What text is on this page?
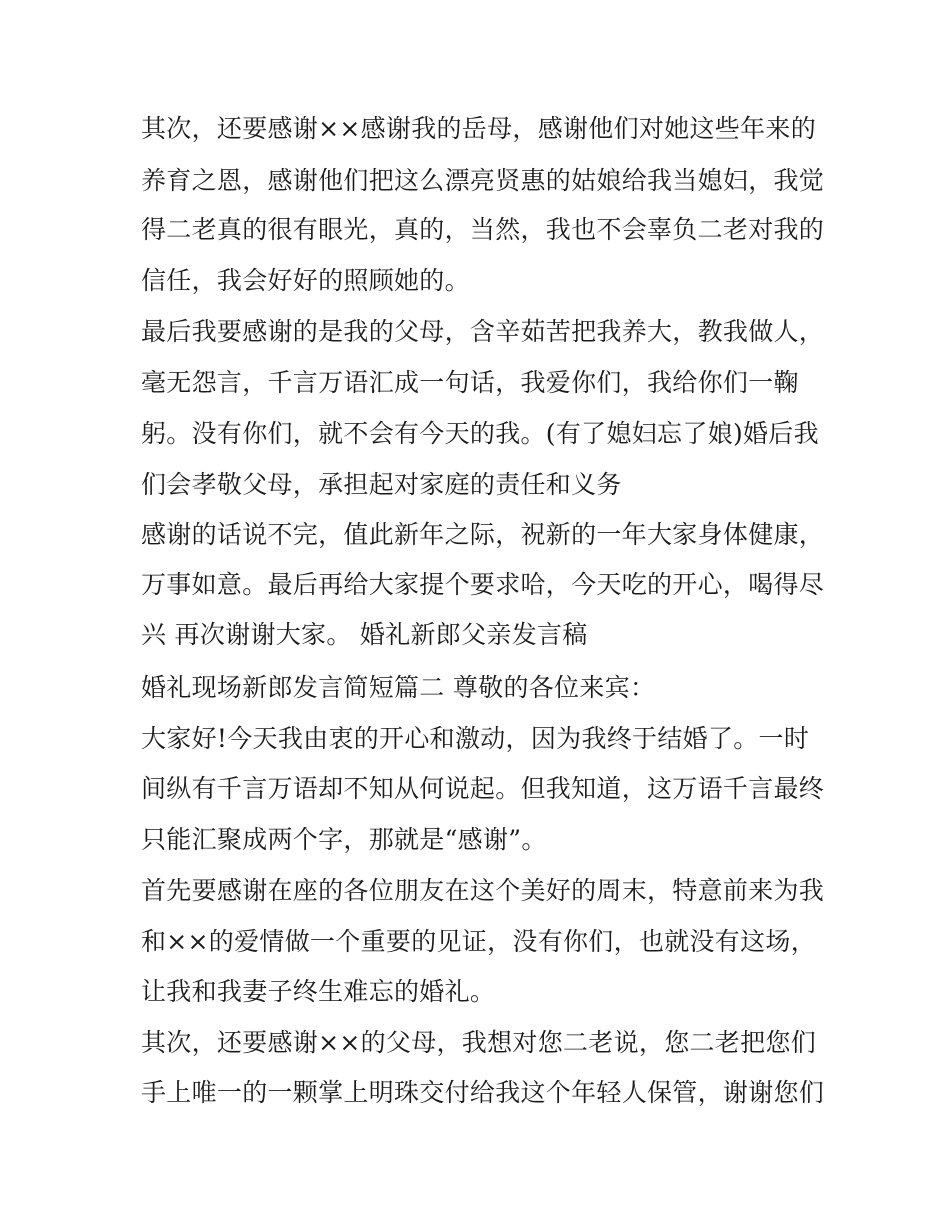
其次，还要感谢××感谢我的岳母，感谢他们对她这些年来的
养育之恩，感谢他们把这么漂亮贤惠的姑娘给我当媳妇，我觉
得二老真的很有眼光，真的，当然，我也不会辜负二老对我的
信任，我会好好的照顾她的。
最后我要感谢的是我的父母，含辛茹苦把我养大，教我做人，
毫无怨言，千言万语汇成一句话，我爱你们，我给你们一鞠
躬。没有你们，就不会有今天的我。(有了媳妇忘了娘)婚后我
们会孝敬父母，承担起对家庭的责任和义务
感谢的话说不完，值此新年之际，祝新的一年大家身体健康，
万事如意。最后再给大家提个要求哈，今天吃的开心，喝得尽
兴 再次谢谢大家。 婚礼新郎父亲发言稿
婚礼现场新郎发言简短篇二 尊敬的各位来宾：
大家好!今天我由衷的开心和激动，因为我终于结婚了。一时
间纵有千言万语却不知从何说起。但我知道，这万语千言最终
只能汇聚成两个字，那就是“感谢”。
首先要感谢在座的各位朋友在这个美好的周末，特意前来为我
和××的爱情做一个重要的见证，没有你们，也就没有这场，
让我和我妻子终生难忘的婚礼。
其次，还要感谢××的父母，我想对您二老说，您二老把您们
手上唯一的一颗掌上明珠交付给我这个年轻人保管，谢谢您们
